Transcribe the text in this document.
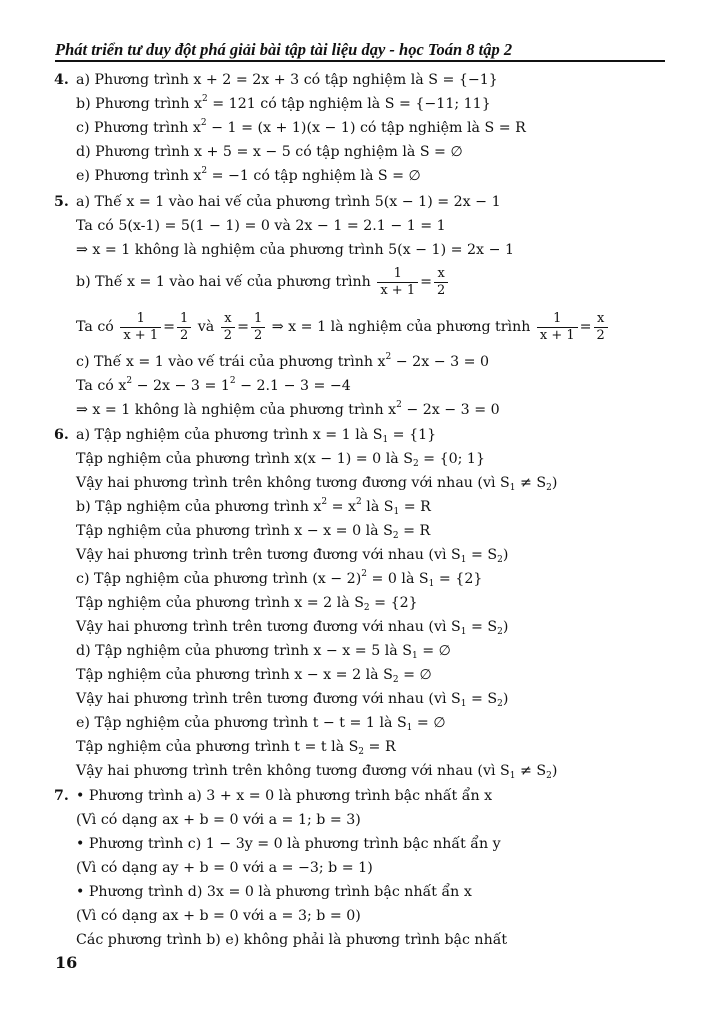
Phát triển tư duy đột phá giải bài tập tài liệu dạy - học Toán 8 tập 2
4. a) Phương trình x + 2 = 2x + 3 có tập nghiệm là S = {−1}
b) Phương trình $x^2 = 121$ có tập nghiệm là S = {−11; 11}
c) Phương trình $x^2 - 1 = (x + 1)(x - 1)$ có tập nghiệm là S = R
d) Phương trình x + 5 = x − 5 có tập nghiệm là S = ∅
e) Phương trình $x^2 = -1$ có tập nghiệm là S = ∅
5. a) Thế x = 1 vào hai vế của phương trình 5(x − 1) = 2x − 1
Ta có 5(x-1) = 5(1 − 1) = 0 và 2x − 1 = 2.1 − 1 = 1
⇒ x = 1 không là nghiệm của phương trình 5(x − 1) = 2x − 1
b) Thế x = 1 vào hai vế của phương trình $\frac{1}{x + 1} = \frac{x}{2}$
Ta có $\frac{1}{x + 1} = \frac{1}{2}$ và $\frac{x}{2} = \frac{1}{2}$ ⇒ x = 1 là nghiệm của phương trình $\frac{1}{x + 1} = \frac{x}{2}$
c) Thế x = 1 vào vế trái của phương trình $x^2 - 2x - 3 = 0$
Ta có $x^2 - 2x - 3 = 1^2 - 2.1 - 3 = -4$
⇒ x = 1 không là nghiệm của phương trình $x^2 - 2x - 3 = 0$
6. a) Tập nghiệm của phương trình x = 1 là $S_1 = \{1\}$
Tập nghiệm của phương trình x(x − 1) = 0 là $S_2 = \{0$; 1}
Vậy hai phương trình trên không tương đương với nhau (vì $S_1 \ne S_2$)
b) Tập nghiệm của phương trình $x^2 = x^2$ là $S_1 = R$
Tập nghiệm của phương trình x − x = 0 là $S_2 = R$
Vậy hai phương trình trên tương đương với nhau (vì $S_1 = S_2$)
c) Tập nghiệm của phương trình $(x - 2)^2 = 0$ là $S_1 = \{2\}$
Tập nghiệm của phương trình x = 2 là $S_2 = \{2\}$
Vậy hai phương trình trên tương đương với nhau (vì $S_1 = S_2$)
d) Tập nghiệm của phương trình x − x = 5 là $S_1$ = ∅
Tập nghiệm của phương trình x − x = 2 là $S_2$ = ∅
Vậy hai phương trình trên tương đương với nhau (vì $S_1 = S_2$)
e) Tập nghiệm của phương trình t − t = 1 là $S_1$ = ∅
Tập nghiệm của phương trình t = t là $S_2 = R$
Vậy hai phương trình trên không tương đương với nhau (vì $S_1 \ne S_2$)
7. • Phương trình a) 3 + x = 0 là phương trình bậc nhất ẩn x
(Vì có dạng ax + b = 0 với a = 1; b = 3)
• Phương trình c) 1 − 3y = 0 là phương trình bậc nhất ẩn y
(Vì có dạng ay + b = 0 với a = −3; b = 1)
• Phương trình d) 3x = 0 là phương trình bậc nhất ẩn x
(Vì có dạng ax + b = 0 với a = 3; b = 0)
Các phương trình b) e) không phải là phương trình bậc nhất
16
